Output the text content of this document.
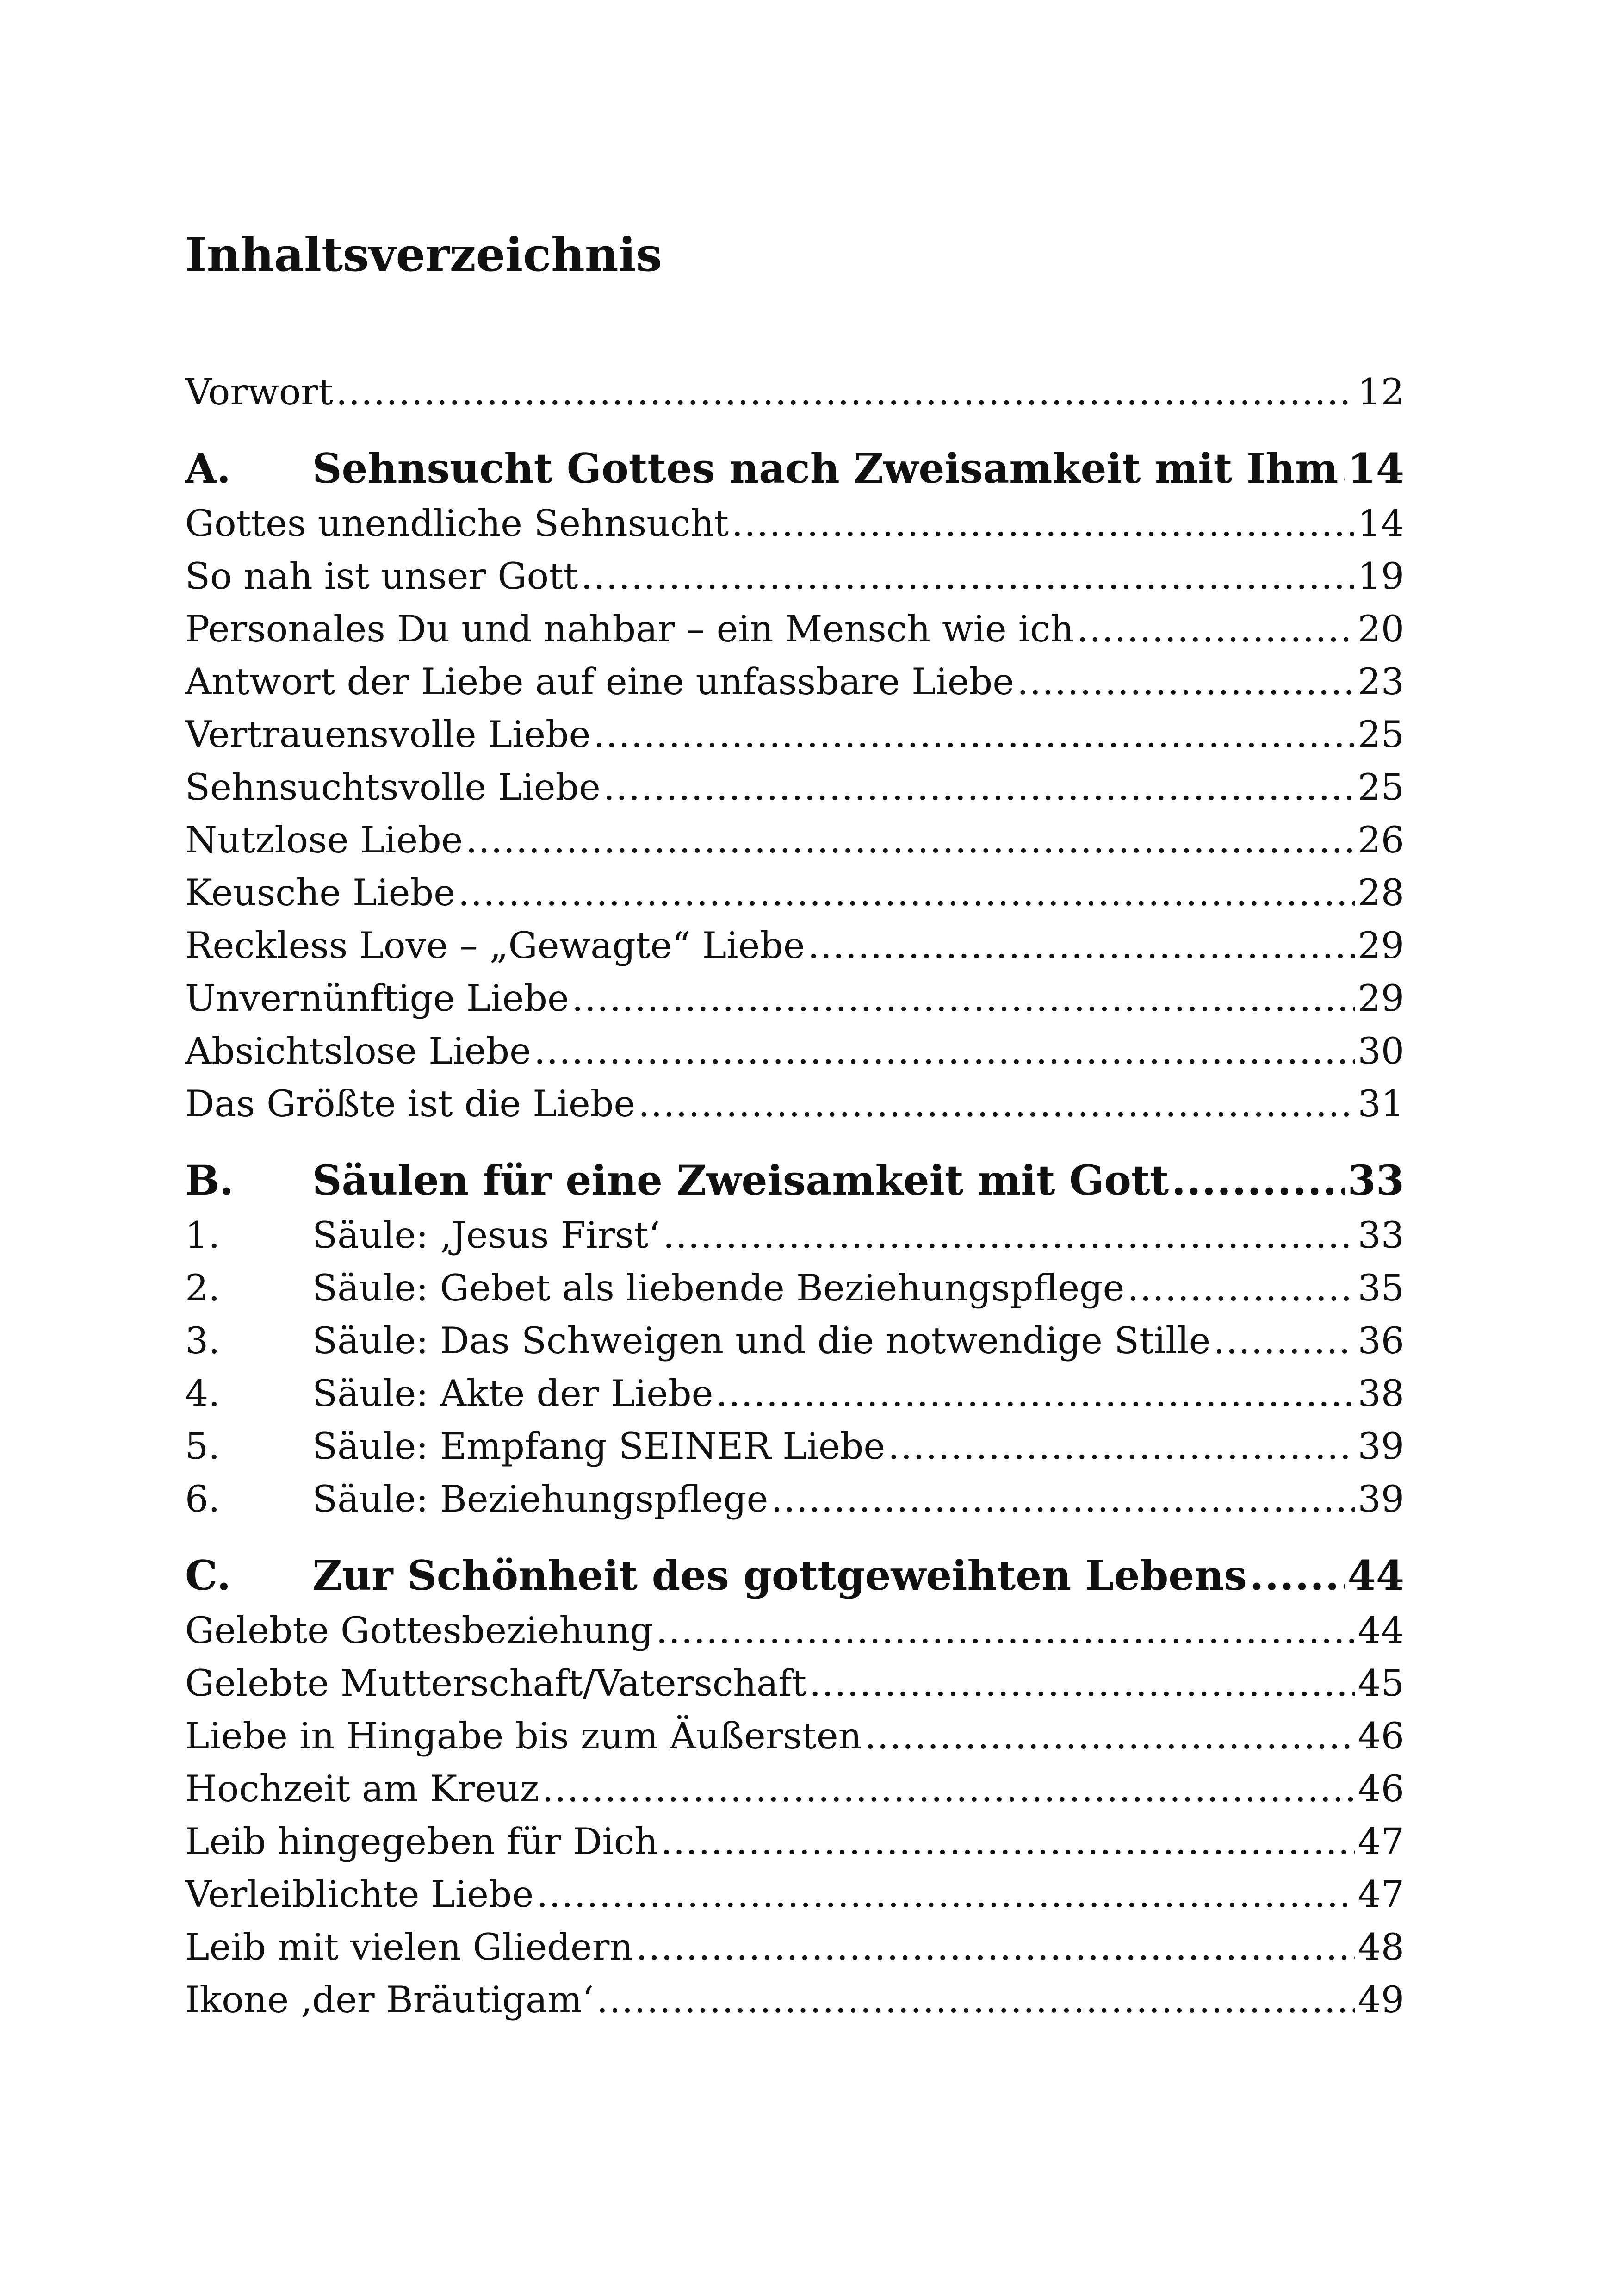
Inhaltsverzeichnis
Vorwort .....	12
A.	Sehnsucht Gottes nach Zweisamkeit mit Ihm ..... 14
Gottes unendliche Sehnsucht .....	14
So nah ist unser Gott .....	19
Personales Du und nahbar – ein Mensch wie ich .....	20
Antwort der Liebe auf eine unfassbare Liebe .....	23
Vertrauensvolle Liebe .....	25
Sehnsuchtsvolle Liebe .....	25
Nutzlose Liebe .....	26
Keusche Liebe .....	28
Reckless Love – „Gewagte“ Liebe .....	29
Unvernünftige Liebe .....	29
Absichtslose Liebe .....	30
Das Größte ist die Liebe .....	31
B.	Säulen für eine Zweisamkeit mit Gott .....	33
1.	Säule: ‚Jesus First‘ .....	33
2.	Säule: Gebet als liebende Beziehungspflege .....	35
3.	Säule: Das Schweigen und die notwendige Stille .....	36
4.	Säule: Akte der Liebe .....	38
5.	Säule: Empfang SEINER Liebe .....	39
6.	Säule: Beziehungspflege .....	39
C.	Zur Schönheit des gottgeweihten Lebens ..... 44
Gelebte Gottesbeziehung .....	44
Gelebte Mutterschaft/Vaterschaft .....	45
Liebe in Hingabe bis zum Äußersten .....	46
Hochzeit am Kreuz .....	46
Leib hingegeben für Dich .....	47
Verleiblichte Liebe .....	47
Leib mit vielen Gliedern .....	48
Ikone ‚der Bräutigam‘ .....	49
